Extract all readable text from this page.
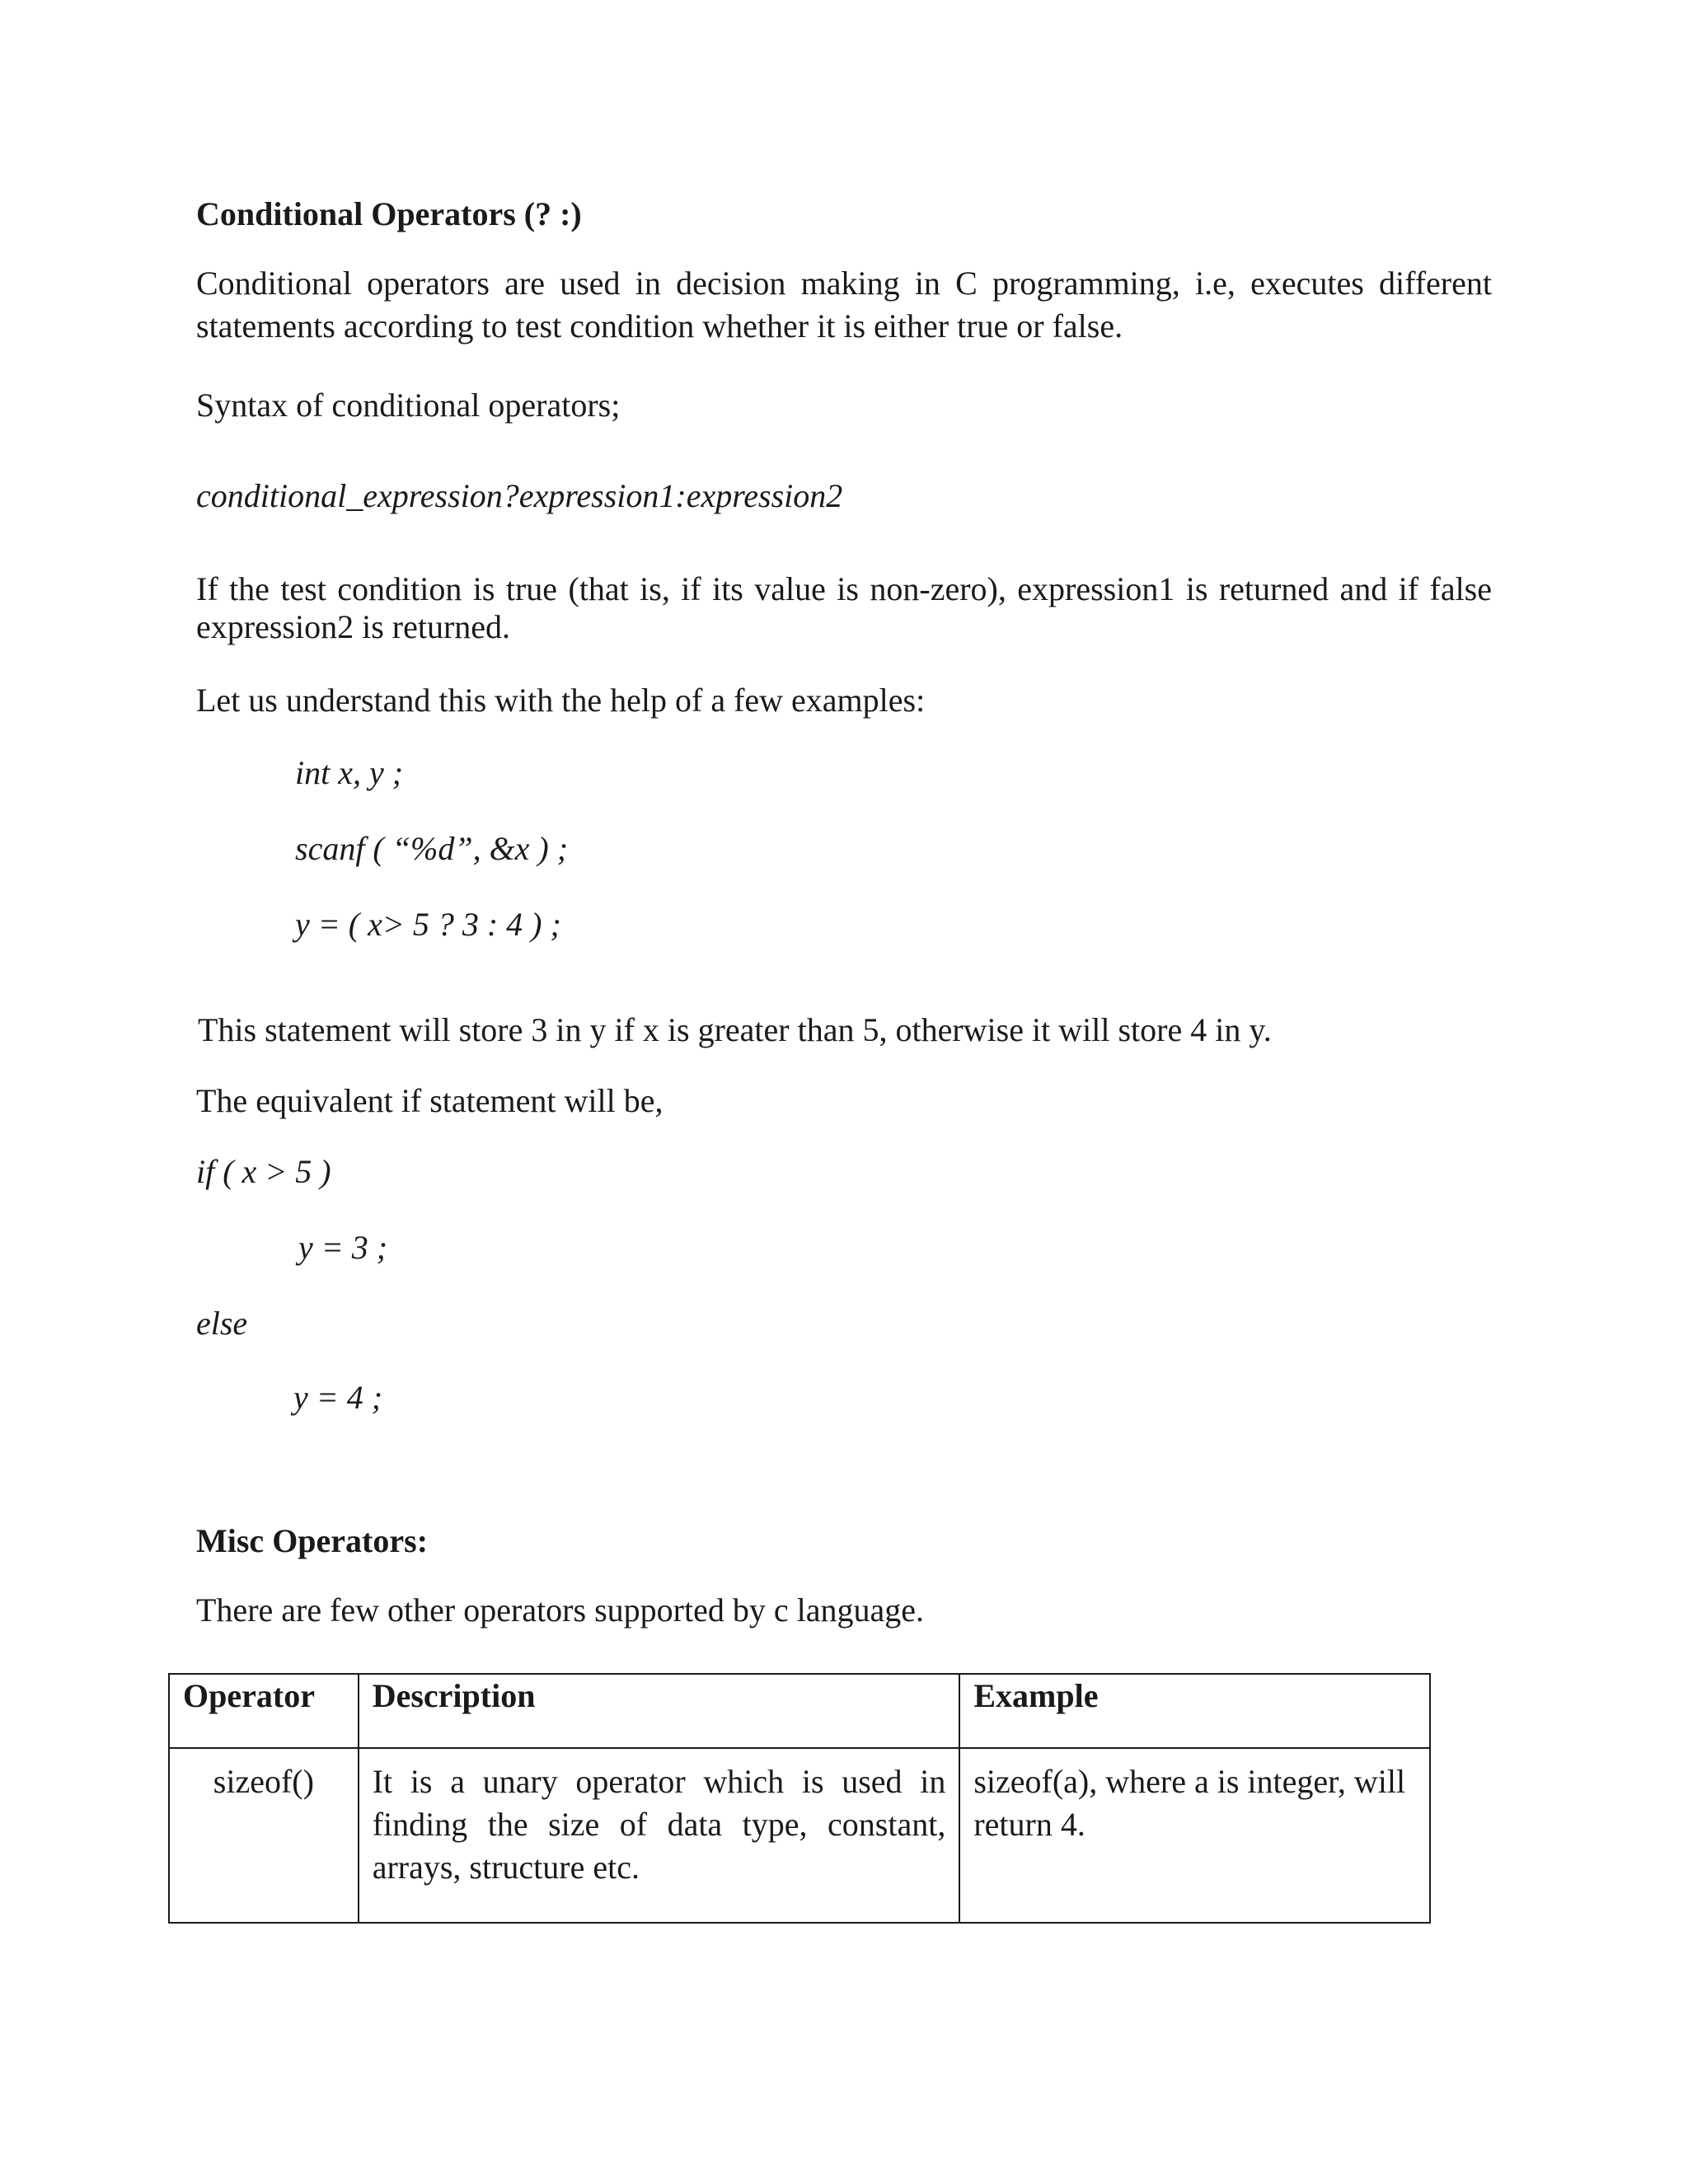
Conditional Operators (? :)

Conditional operators are used in decision making in C programming, i.e, executes different statements according to test condition whether it is either true or false.

Syntax of conditional operators;

conditional_expression?expression1:expression2

If the test condition is true (that is, if its value is non-zero), expression1 is returned and if false expression2 is returned.

Let us understand this with the help of a few examples:

int x, y ;

scanf ( “%d”, &x ) ;

y = ( x> 5 ? 3 : 4 ) ;

This statement will store 3 in y if x is greater than 5, otherwise it will store 4 in y.

The equivalent if statement will be,

if ( x > 5 )

y = 3 ;

else

y = 4 ;

Misc Operators:

There are few other operators supported by c language.

Operator	Description	Example
sizeof()	It is a unary operator which is used in finding the size of data type, constant, arrays, structure etc.	sizeof(a), where a is integer, will return 4.
